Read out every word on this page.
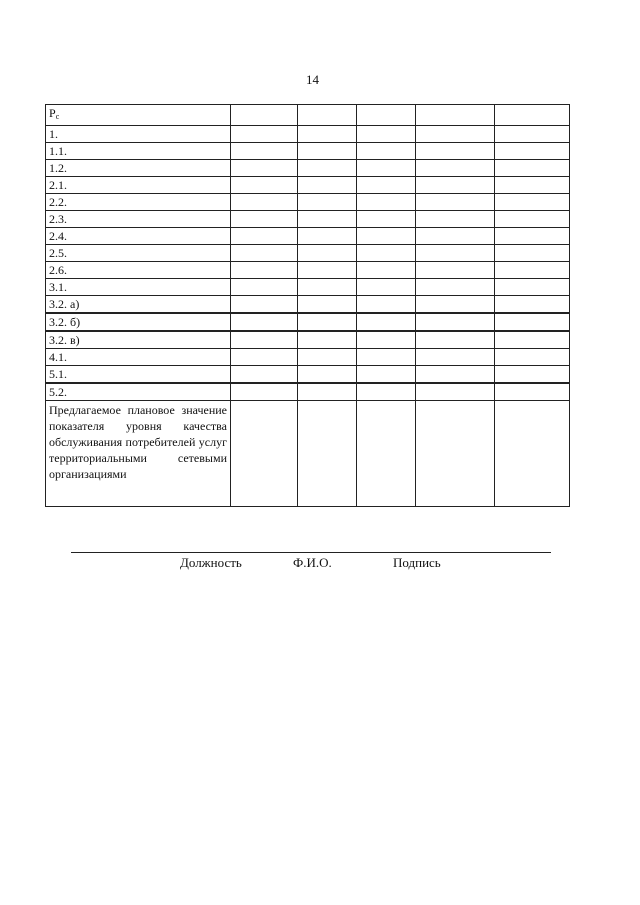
14
$P_c$					
1.					
1.1.					
1.2.					
2.1.					
2.2.					
2.3.					
2.4.					
2.5.					
2.6.					
3.1.					
3.2. а)					
3.2. б)					
3.2. в)					
4.1.					
5.1.					
5.2.					
Предлагаемое плановое значение показателя уровня качества обслуживания потребителей услуг территориальными сетевыми организациями					
Должность	Ф.И.О.	Подпись
